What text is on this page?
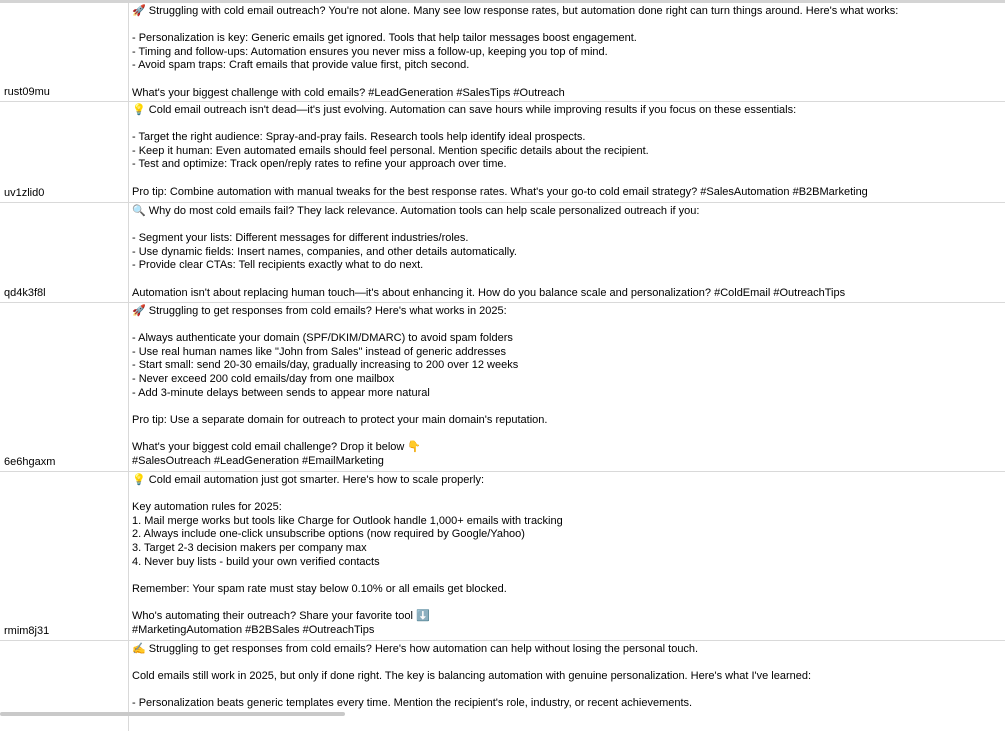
rust09mu
🚀 Struggling with cold email outreach? You're not alone. Many see low response rates, but automation done right can turn things around. Here's what works:

- Personalization is key: Generic emails get ignored. Tools that help tailor messages boost engagement.
- Timing and follow-ups: Automation ensures you never miss a follow-up, keeping you top of mind.
- Avoid spam traps: Craft emails that provide value first, pitch second.

What's your biggest challenge with cold emails? #LeadGeneration #SalesTips #Outreach
uv1zlid0
💡 Cold email outreach isn't dead—it's just evolving. Automation can save hours while improving results if you focus on these essentials:

- Target the right audience: Spray-and-pray fails. Research tools help identify ideal prospects.
- Keep it human: Even automated emails should feel personal. Mention specific details about the recipient.
- Test and optimize: Track open/reply rates to refine your approach over time.

Pro tip: Combine automation with manual tweaks for the best response rates. What's your go-to cold email strategy? #SalesAutomation #B2BMarketing
qd4k3f8l
🔍 Why do most cold emails fail? They lack relevance. Automation tools can help scale personalized outreach if you:

- Segment your lists: Different messages for different industries/roles.
- Use dynamic fields: Insert names, companies, and other details automatically.
- Provide clear CTAs: Tell recipients exactly what to do next.

Automation isn't about replacing human touch—it's about enhancing it. How do you balance scale and personalization? #ColdEmail #OutreachTips
6e6hgaxm
🚀 Struggling to get responses from cold emails? Here's what works in 2025:

- Always authenticate your domain (SPF/DKIM/DMARC) to avoid spam folders
- Use real human names like "John from Sales" instead of generic addresses
- Start small: send 20-30 emails/day, gradually increasing to 200 over 12 weeks
- Never exceed 200 cold emails/day from one mailbox
- Add 3-minute delays between sends to appear more natural

Pro tip: Use a separate domain for outreach to protect your main domain's reputation.

What's your biggest cold email challenge? Drop it below 👇
#SalesOutreach #LeadGeneration #EmailMarketing
rmim8j31
💡 Cold email automation just got smarter. Here's how to scale properly:

Key automation rules for 2025:
1. Mail merge works but tools like Charge for Outlook handle 1,000+ emails with tracking
2. Always include one-click unsubscribe options (now required by Google/Yahoo)
3. Target 2-3 decision makers per company max
4. Never buy lists - build your own verified contacts

Remember: Your spam rate must stay below 0.10% or all emails get blocked.

Who's automating their outreach? Share your favorite tool ⬇️
#MarketingAutomation #B2BSales #OutreachTips
✍️ Struggling to get responses from cold emails? Here's how automation can help without losing the personal touch.

Cold emails still work in 2025, but only if done right. The key is balancing automation with genuine personalization. Here's what I've learned:

- Personalization beats generic templates every time. Mention the recipient's role, industry, or recent achievements.
